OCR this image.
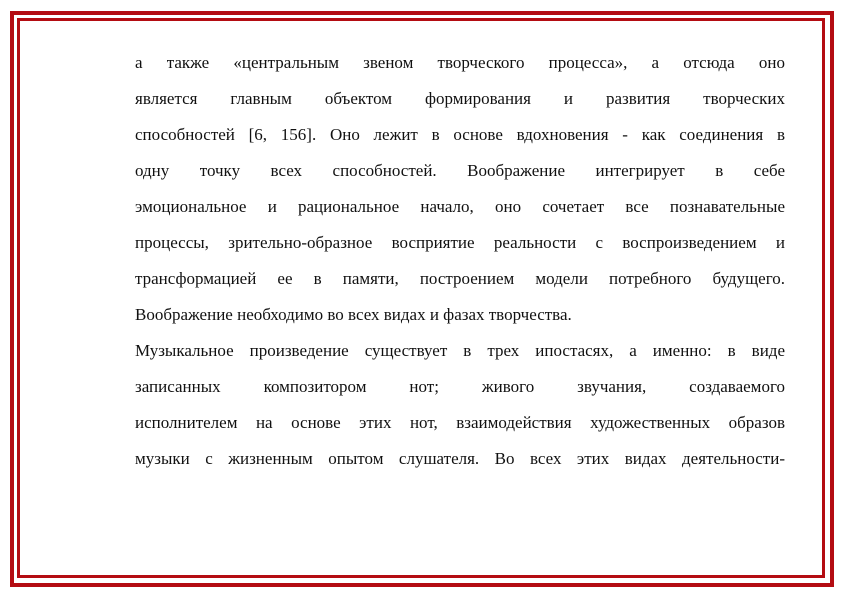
а также «центральным звеном творческого процесса», а отсюда оно
является главным объектом формирования и развития творческих
способностей [6, 156]. Оно лежит в основе вдохновения - как соединения в
одну точку всех способностей. Воображение интегрирует в себе
эмоциональное и рациональное начало, оно сочетает все познавательные
процессы, зрительно-образное восприятие реальности с воспроизведением и
трансформацией ее в памяти, построением модели потребного будущего.
Воображение необходимо во всех видах и фазах творчества.
Музыкальное произведение существует в трех ипостасях, а именно: в виде
записанных композитором нот; живого звучания, создаваемого
исполнителем на основе этих нот, взаимодействия художественных образов
музыки с жизненным опытом слушателя. Во всех этих видах деятельности-
